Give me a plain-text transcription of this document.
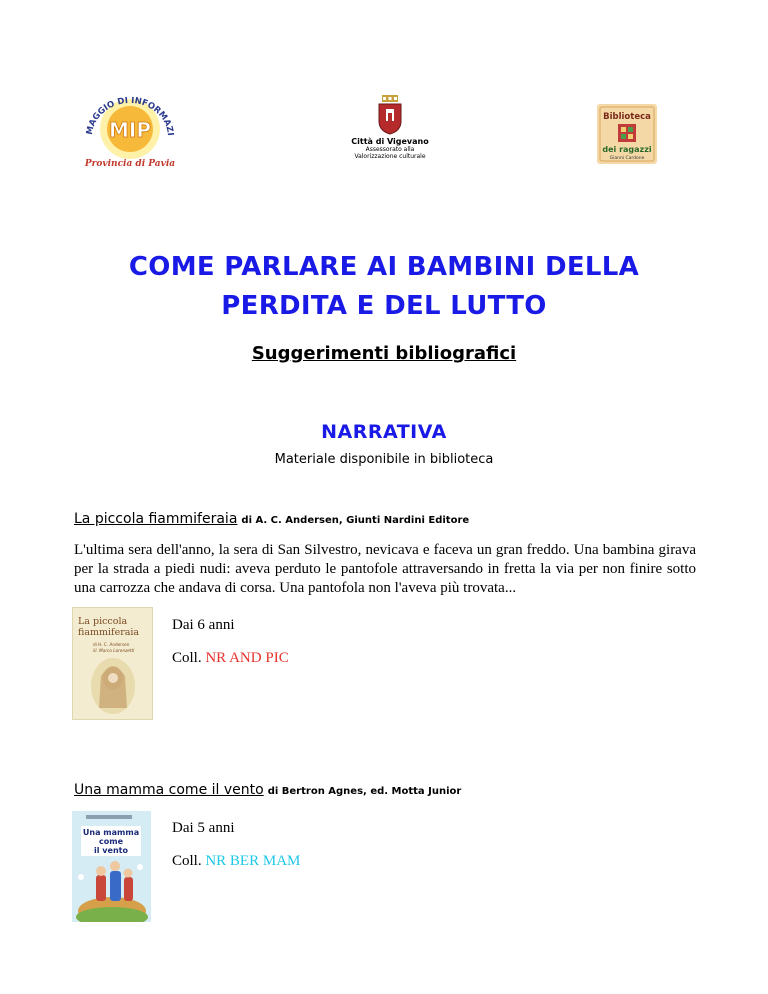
MAGGIO DI INFORMAZI
MIP
Provincia di Pavia
Città di Vigevano
Assessorato alla
Valorizzazione culturale
Biblioteca
dei ragazzi
Gianni Cardone
COME PARLARE AI BAMBINI DELLA
PERDITA E DEL LUTTO
Suggerimenti bibliografici
NARRATIVA
Materiale disponibile in biblioteca
La piccola fiammiferaia di A. C. Andersen, Giunti Nardini Editore
L'ultima sera dell'anno, la sera di San Silvestro, nevicava e faceva un gran freddo. Una bambina girava per la strada a piedi nudi: aveva perduto le pantofole attraversando in fretta la via per non finire sotto una carrozza che andava di corsa. Una pantofola non l'aveva più trovata...
La piccola
fiammiferaia
di H. C. Andersen
ill. Marco Lorenzetti
Dai 6 anni
Coll. NR AND PIC
Una mamma come il vento di Bertron Agnes, ed. Motta Junior
Una mamma
come
il vento
Dai 5 anni
Coll. NR BER MAM
